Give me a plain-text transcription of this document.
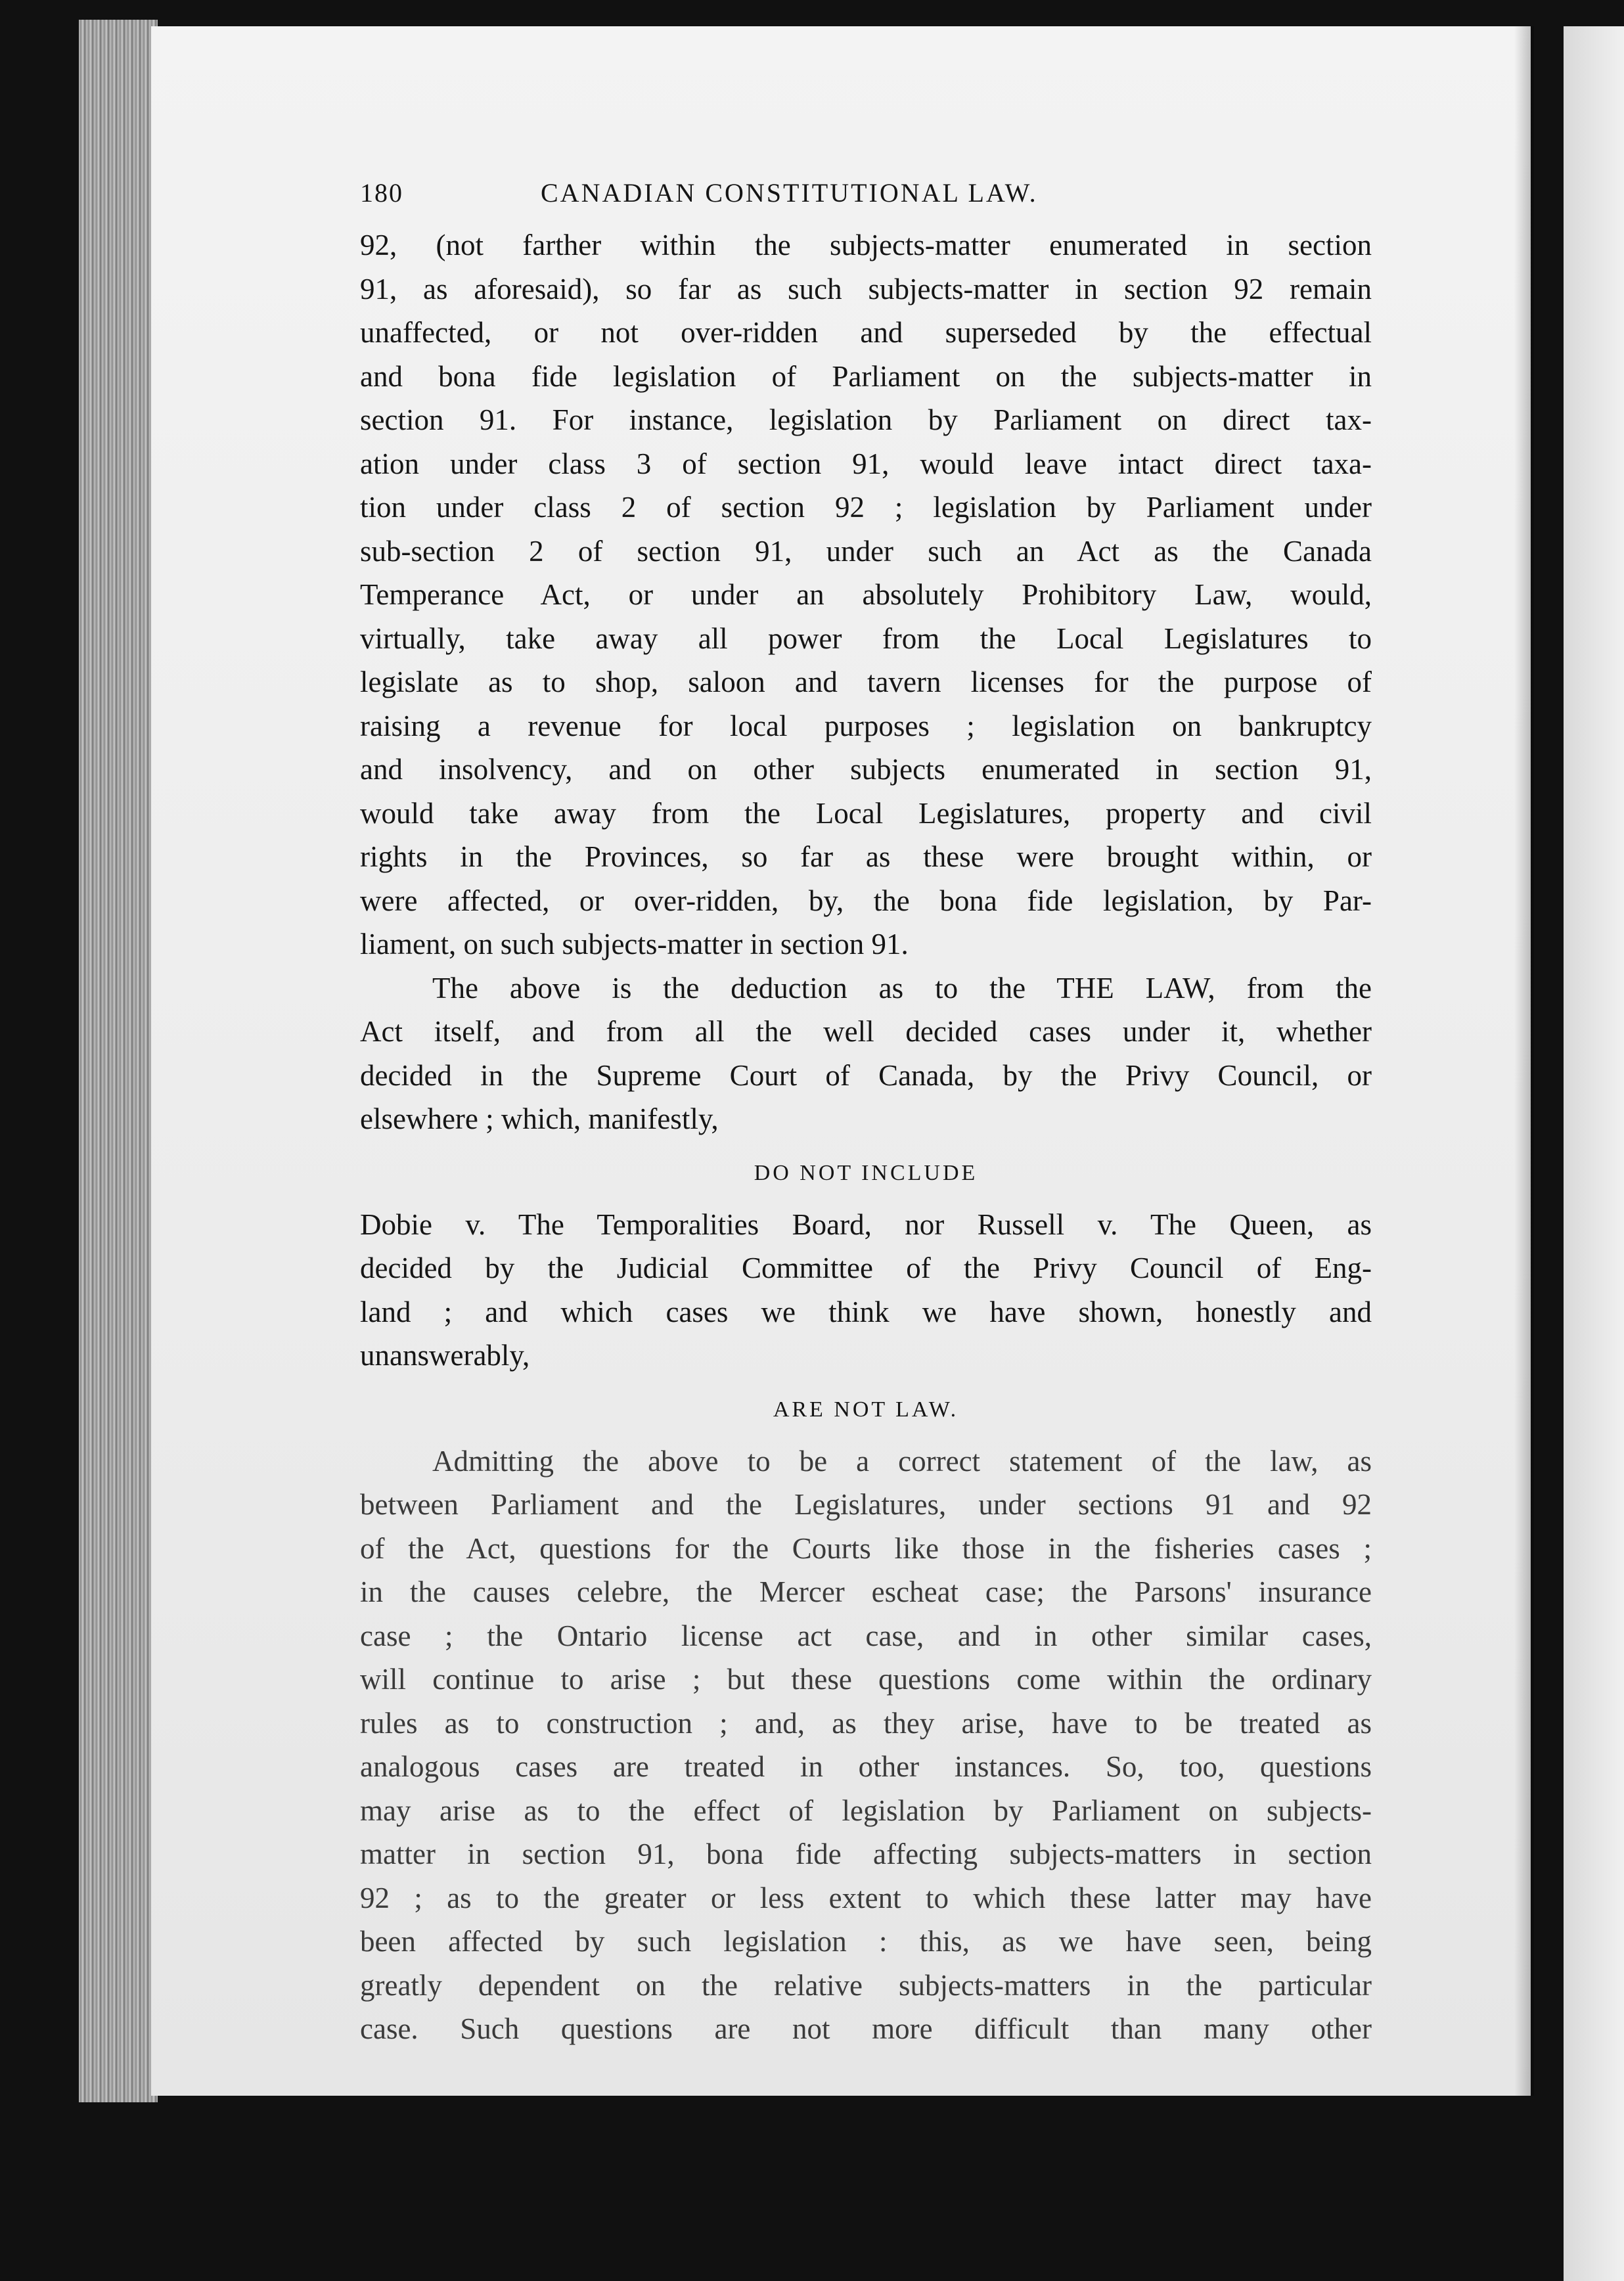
180	CANADIAN CONSTITUTIONAL LAW.
92, (not farther within the subjects-matter enumerated in section
91, as aforesaid), so far as such subjects-matter in section 92 remain
unaffected, or not over-ridden and superseded by the effectual
and bona fide legislation of Parliament on the subjects-matter in
section 91. For instance, legislation by Parliament on direct tax-
ation under class 3 of section 91, would leave intact direct taxa-
tion under class 2 of section 92 ; legislation by Parliament under
sub-section 2 of section 91, under such an Act as the Canada
Temperance Act, or under an absolutely Prohibitory Law, would,
virtually, take away all power from the Local Legislatures to
legislate as to shop, saloon and tavern licenses for the purpose of
raising a revenue for local purposes ; legislation on bankruptcy
and insolvency, and on other subjects enumerated in section 91,
would take away from the Local Legislatures, property and civil
rights in the Provinces, so far as these were brought within, or
were affected, or over-ridden, by, the bona fide legislation, by Par-
liament, on such subjects-matter in section 91.
The above is the deduction as to the THE LAW, from the
Act itself, and from all the well decided cases under it, whether
decided in the Supreme Court of Canada, by the Privy Council, or
elsewhere ; which, manifestly,
DO NOT INCLUDE
Dobie v. The Temporalities Board, nor Russell v. The Queen, as
decided by the Judicial Committee of the Privy Council of Eng-
land ; and which cases we think we have shown, honestly and
unanswerably,
ARE NOT LAW.
Admitting the above to be a correct statement of the law, as
between Parliament and the Legislatures, under sections 91 and 92
of the Act, questions for the Courts like those in the fisheries cases ;
in the causes celebre, the Mercer escheat case; the Parsons' insurance
case ; the Ontario license act case, and in other similar cases,
will continue to arise ; but these questions come within the ordinary
rules as to construction ; and, as they arise, have to be treated as
analogous cases are treated in other instances. So, too, questions
may arise as to the effect of legislation by Parliament on subjects-
matter in section 91, bona fide affecting subjects-matters in section
92 ; as to the greater or less extent to which these latter may have
been affected by such legislation : this, as we have seen, being
greatly dependent on the relative subjects-matters in the particular
case. Such questions are not more difficult than many other
